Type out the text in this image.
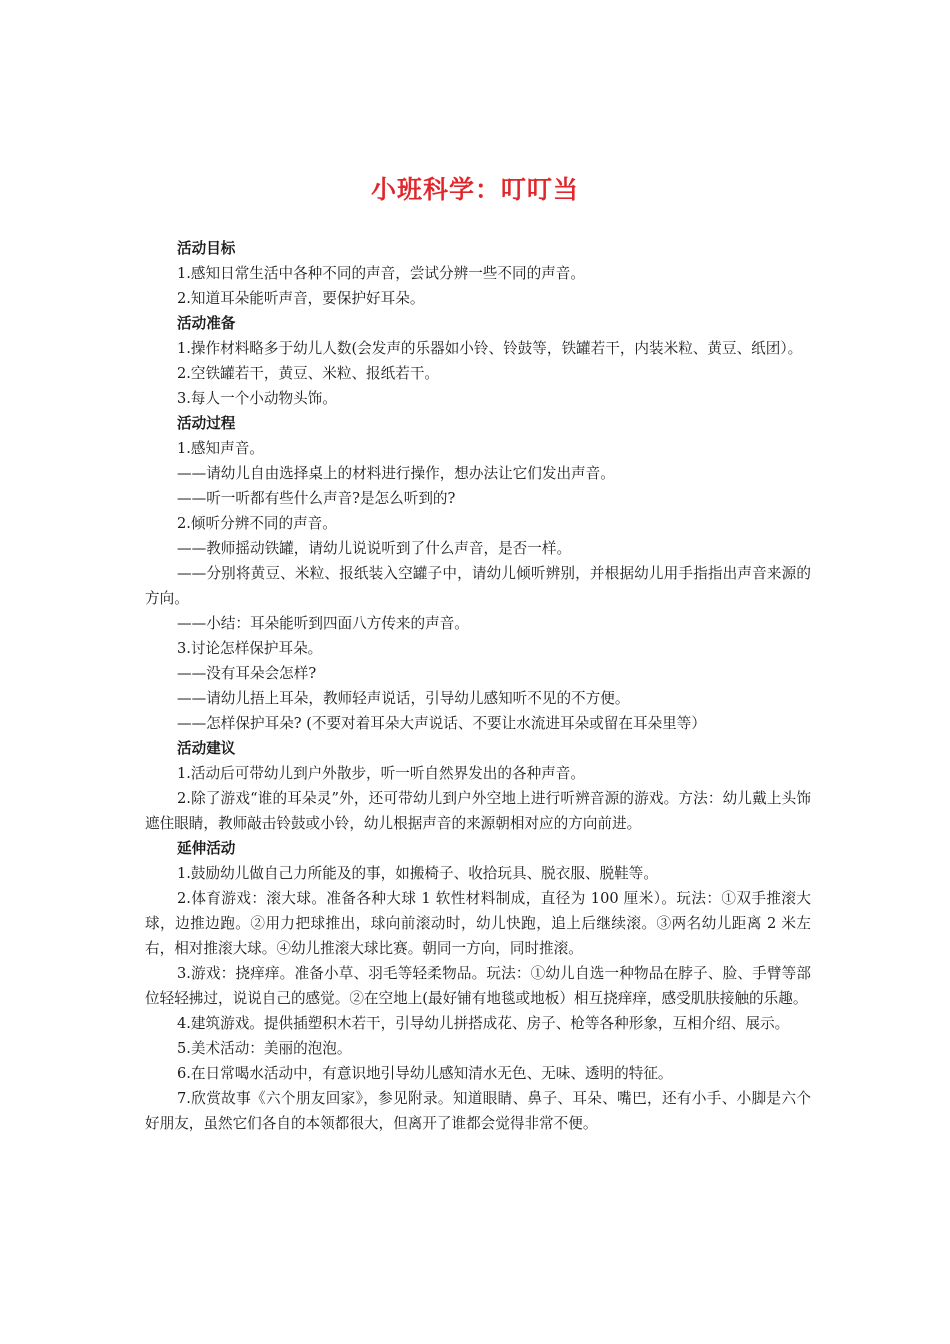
小班科学：叮叮当

活动目标

1.感知日常生活中各种不同的声音，尝试分辨一些不同的声音。

2.知道耳朵能听声音，要保护好耳朵。

活动准备

1.操作材料略多于幼儿人数(会发声的乐器如小铃、铃鼓等，铁罐若干，内装米粒、黄豆、纸团）。

2.空铁罐若干，黄豆、米粒、报纸若干。

3.每人一个小动物头饰。

活动过程

1.感知声音。

——请幼儿自由选择桌上的材料进行操作，想办法让它们发出声音。

——听一听都有些什么声音?是怎么听到的?

2.倾听分辨不同的声音。

——教师摇动铁罐，请幼儿说说听到了什么声音，是否一样。

——分别将黄豆、米粒、报纸装入空罐子中，请幼儿倾听辨别，并根据幼儿用手指指出声音来源的方向。

——小结：耳朵能听到四面八方传来的声音。

3.讨论怎样保护耳朵。

——没有耳朵会怎样?

——请幼儿捂上耳朵，教师轻声说话，引导幼儿感知听不见的不方便。

——怎样保护耳朵? (不要对着耳朵大声说话、不要让水流进耳朵或留在耳朵里等）

活动建议

1.活动后可带幼儿到户外散步，听一听自然界发出的各种声音。

2.除了游戏“谁的耳朵灵”外，还可带幼儿到户外空地上进行听辨音源的游戏。方法：幼儿戴上头饰遮住眼睛，教师敲击铃鼓或小铃，幼儿根据声音的来源朝相对应的方向前进。

延伸活动

1.鼓励幼儿做自己力所能及的事，如搬椅子、收拾玩具、脱衣服、脱鞋等。

2.体育游戏：滚大球。准备各种大球 1 软性材料制成，直径为 100 厘米）。玩法：①双手推滚大球，边推边跑。②用力把球推出，球向前滚动时，幼儿快跑，追上后继续滚。③两名幼儿距离 2 米左右，相对推滚大球。④幼儿推滚大球比赛。朝同一方向，同时推滚。

3.游戏：挠痒痒。准备小草、羽毛等轻柔物品。玩法：①幼儿自选一种物品在脖子、脸、手臂等部位轻轻拂过，说说自己的感觉。②在空地上(最好铺有地毯或地板）相互挠痒痒，感受肌肤接触的乐趣。

4.建筑游戏。提供插塑积木若干，引导幼儿拼搭成花、房子、枪等各种形象，互相介绍、展示。

5.美术活动：美丽的泡泡。

6.在日常喝水活动中，有意识地引导幼儿感知清水无色、无味、透明的特征。

7.欣赏故事《六个朋友回家》，参见附录。知道眼睛、鼻子、耳朵、嘴巴，还有小手、小脚是六个好朋友，虽然它们各自的本领都很大，但离开了谁都会觉得非常不便。
